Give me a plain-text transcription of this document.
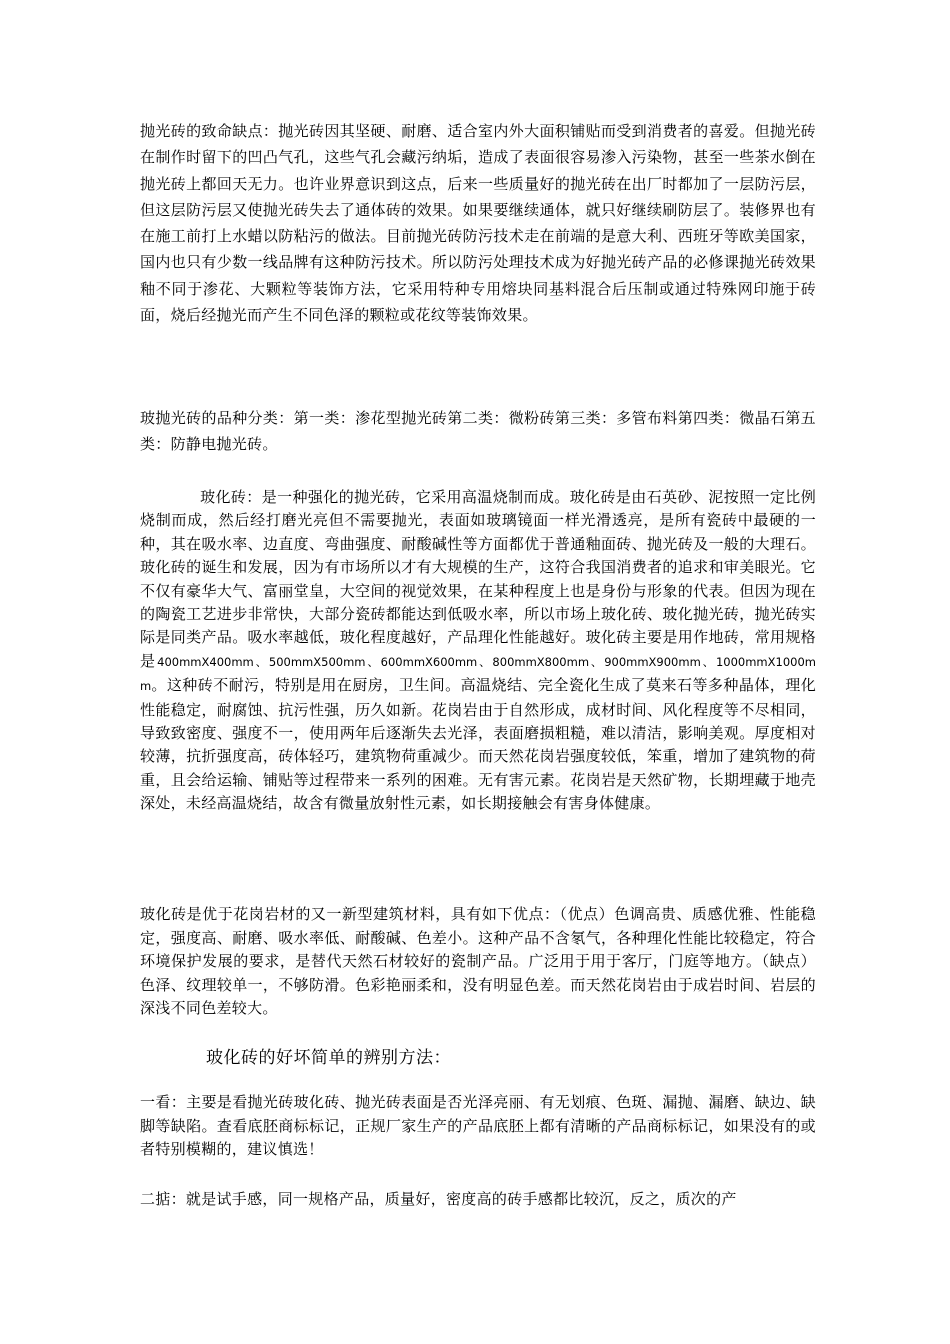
抛光砖的致命缺点：抛光砖因其坚硬、耐磨、适合室内外大面积铺贴而受到消费者的喜爱。但抛光砖在制作时留下的凹凸气孔，这些气孔会藏污纳垢，造成了表面很容易渗入污染物，甚至一些茶水倒在抛光砖上都回天无力。也许业界意识到这点，后来一些质量好的抛光砖在出厂时都加了一层防污层，但这层防污层又使抛光砖失去了通体砖的效果。如果要继续通体，就只好继续刷防层了。装修界也有在施工前打上水蜡以防粘污的做法。目前抛光砖防污技术走在前端的是意大利、西班牙等欧美国家，国内也只有少数一线品牌有这种防污技术。所以防污处理技术成为好抛光砖产品的必修课抛光砖效果釉不同于渗花、大颗粒等装饰方法，它采用特种专用熔块同基料混合后压制或通过特殊网印施于砖面，烧后经抛光而产生不同色泽的颗粒或花纹等装饰效果。
玻抛光砖的品种分类：第一类：渗花型抛光砖第二类：微粉砖第三类：多管布料第四类：微晶石第五类：防静电抛光砖。
玻化砖：是一种强化的抛光砖，它采用高温烧制而成。玻化砖是由石英砂、泥按照一定比例烧制而成，然后经打磨光亮但不需要抛光，表面如玻璃镜面一样光滑透亮，是所有瓷砖中最硬的一种，其在吸水率、边直度、弯曲强度、耐酸碱性等方面都优于普通釉面砖、抛光砖及一般的大理石。玻化砖的诞生和发展，因为有市场所以才有大规模的生产，这符合我国消费者的追求和审美眼光。它不仅有豪华大气、富丽堂皇，大空间的视觉效果，在某种程度上也是身份与形象的代表。但因为现在的陶瓷工艺进步非常快，大部分瓷砖都能达到低吸水率，所以市场上玻化砖、玻化抛光砖，抛光砖实际是同类产品。吸水率越低，玻化程度越好，产品理化性能越好。玻化砖主要是用作地砖，常用规格是400mmX400mm、500mmX500mm、600mmX600mm、800mmX800mm、900mmX900mm、1000mmX1000mm。这种砖不耐污，特别是用在厨房，卫生间。高温烧结、完全瓷化生成了莫来石等多种晶体，理化性能稳定，耐腐蚀、抗污性强，历久如新。花岗岩由于自然形成，成材时间、风化程度等不尽相同，导致致密度、强度不一，使用两年后逐渐失去光泽，表面磨损粗糙，难以清洁，影响美观。厚度相对较薄，抗折强度高，砖体轻巧，建筑物荷重减少。而天然花岗岩强度较低，笨重，增加了建筑物的荷重，且会给运输、铺贴等过程带来一系列的困难。无有害元素。花岗岩是天然矿物，长期埋藏于地壳深处，未经高温烧结，故含有微量放射性元素，如长期接触会有害身体健康。
玻化砖是优于花岗岩材的又一新型建筑材料，具有如下优点：（优点）色调高贵、质感优雅、性能稳定，强度高、耐磨、吸水率低、耐酸碱、色差小。这种产品不含氡气，各种理化性能比较稳定，符合环境保护发展的要求，是替代天然石材较好的瓷制产品。广泛用于用于客厅，门庭等地方。（缺点）色泽、纹理较单一，不够防滑。色彩艳丽柔和，没有明显色差。而天然花岗岩由于成岩时间、岩层的深浅不同色差较大。
玻化砖的好坏简单的辨别方法：
一看：主要是看抛光砖玻化砖、抛光砖表面是否光泽亮丽、有无划痕、色斑、漏抛、漏磨、缺边、缺脚等缺陷。查看底胚商标标记，正规厂家生产的产品底胚上都有清晰的产品商标标记，如果没有的或者特别模糊的，建议慎选！
二掂：就是试手感，同一规格产品，质量好，密度高的砖手感都比较沉，反之，质次的产
